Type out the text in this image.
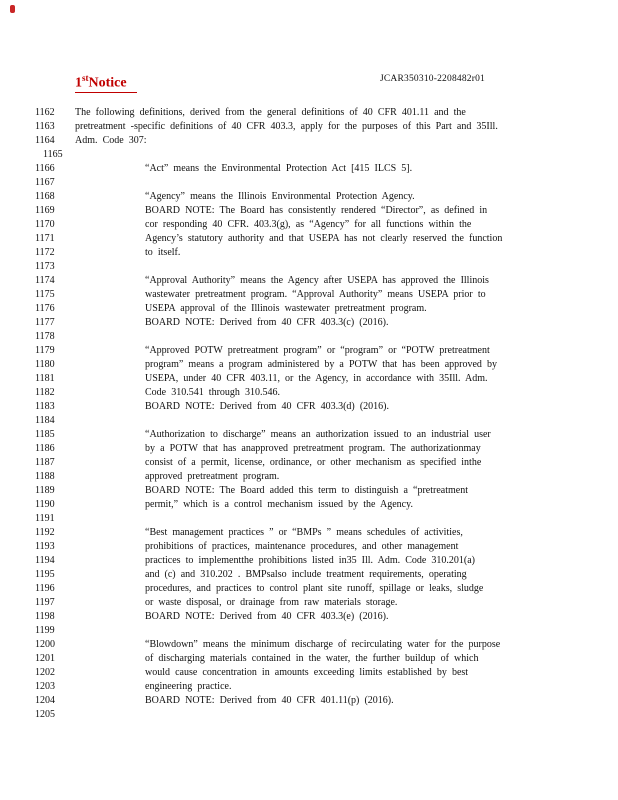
1stNotice	JCAR350310-2208482r01
1162	The following definitions, derived from the general definitions of 40 CFR 401.11 and the
1163	pretreatment -specific definitions of 40 CFR 403.3, apply for the purposes of this Part and 35Ill.
1164	Adm. Code 307:
1165
1166	“Act” means the Environmental Protection Act [415 ILCS 5].
1167
1168	“Agency” means the Illinois Environmental Protection Agency.
1169	BOARD NOTE: The Board has consistently rendered “Director”, as defined in
1170	cor responding 40 CFR. 403.3(g), as “Agency” for all functions within the
1171	Agency’s statutory authority and that USEPA has not clearly reserved the function
1172	to itself.
1173
1174	“Approval Authority” means the Agency after USEPA has approved the Illinois
1175	wastewater pretreatment program. “Approval Authority” means USEPA prior to
1176	USEPA approval of the Illinois wastewater pretreatment program.
1177	BOARD NOTE: Derived from 40 CFR 403.3(c) (2016).
1178
1179	“Approved POTW pretreatment program” or “program” or “POTW pretreatment
1180	program” means a program administered by a POTW that has been approved by
1181	USEPA, under 40 CFR 403.11, or the Agency, in accordance with 35Ill. Adm.
1182	Code 310.541 through 310.546.
1183	BOARD NOTE: Derived from 40 CFR 403.3(d) (2016).
1184
1185	“Authorization to discharge” means an authorization issued to an industrial user
1186	by a POTW that has anapproved pretreatment program. The authorizationmay
1187	consist of a permit, license, ordinance, or other mechanism as specified inthe
1188	approved pretreatment program.
1189	BOARD NOTE: The Board added this term to distinguish a “pretreatment
1190	permit,” which is a control mechanism issued by the Agency.
1191
1192	“Best management practices ” or “BMPs ” means schedules of activities,
1193	prohibitions of practices, maintenance procedures, and other management
1194	practices to implementthe prohibitions listed in35 Ill. Adm. Code 310.201(a)
1195	and (c) and 310.202 . BMPsalso include treatment requirements, operating
1196	procedures, and practices to control plant site runoff, spillage or leaks, sludge
1197	or waste disposal, or drainage from raw materials storage.
1198	BOARD NOTE: Derived from 40 CFR 403.3(e) (2016).
1199
1200	“Blowdown” means the minimum discharge of recirculating water for the purpose
1201	of discharging materials contained in the water, the further buildup of which
1202	would cause concentration in amounts exceeding limits established by best
1203	engineering practice.
1204	BOARD NOTE: Derived from 40 CFR 401.11(p) (2016).
1205
